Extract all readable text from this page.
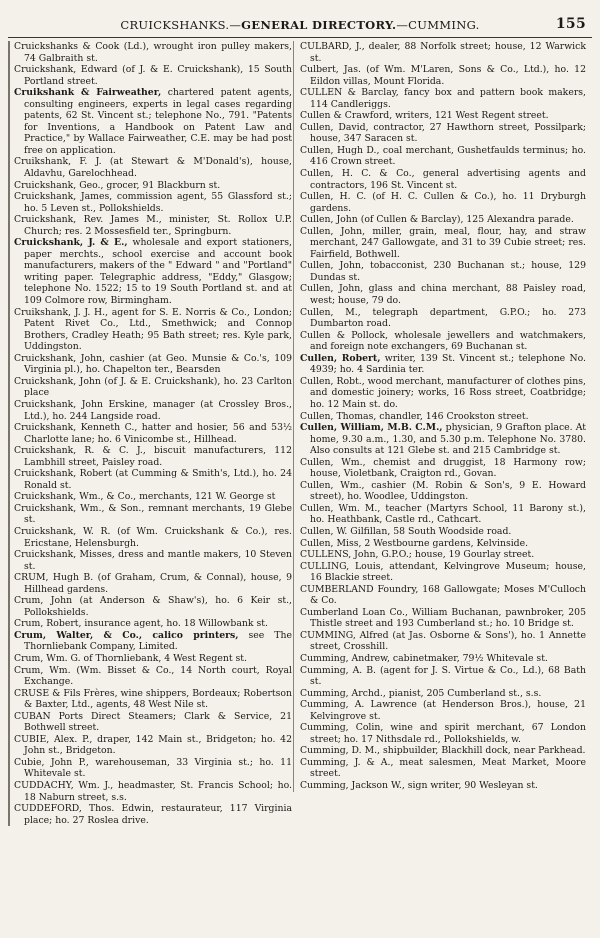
CRUICKSHANKS.—GENERAL DIRECTORY.—CUMMING.	155

Cruickshanks & Cook (Ld.), wrought iron pulley makers, 74 Galbraith st.

Cruickshank, Edward (of J. & E. Cruickshank), 15 South Portland street.

Cruikshank & Fairweather, chartered patent agents, consulting engineers, experts in legal cases regarding patents, 62 St. Vincent st.; telephone No., 791. "Patents for Inventions, a Handbook on Patent Law and Practice," by Wallace Fairweather, C.E. may be had post free on application.

Cruikshank, F. J. (at Stewart & M'Donald's), house, Aldavhu, Garelochhead.

Cruickshank, Geo., grocer, 91 Blackburn st.

Cruickshank, James, commission agent, 55 Glassford st.; ho. 5 Leven st., Pollokshields.

Cruickshank, Rev. James M., minister, St. Rollox U.P. Church; res. 2 Mossesfield ter., Springburn.

Cruickshank, J. & E., wholesale and export stationers, paper merchts., school exercise and account book manufacturers, makers of the " Edward " and "Portland" writing paper. Telegraphic address, "Eddy," Glasgow; telephone No. 1522; 15 to 19 South Portland st. and at 109 Colmore row, Birmingham.

Cruikshank, J. J. H., agent for S. E. Norris & Co., London; Patent Rivet Co., Ltd., Smethwick; and Connop Brothers, Cradley Heath; 95 Bath street; res. Kyle park, Uddingston.

Cruickshank, John, cashier (at Geo. Munsie & Co.'s, 109 Virginia pl.), ho. Chapelton ter., Bearsden

Cruickshank, John (of J. & E. Cruickshank), ho. 23 Carlton place

Cruickshank, John Erskine, manager (at Crossley Bros., Ltd.), ho. 244 Langside road.

Cruickshank, Kenneth C., hatter and hosier, 56 and 53½ Charlotte lane; ho. 6 Vinicombe st., Hillhead.

Cruickshank, R. & C. J., biscuit manufacturers, 112 Lambhill street, Paisley road.

Cruickshank, Robert (at Cumming & Smith's, Ltd.), ho. 24 Ronald st.

Cruickshank, Wm., & Co., merchants, 121 W. George st

Cruickshank, Wm., & Son., remnant merchants, 19 Glebe st.

Cruickshank, W. R. (of Wm. Cruickshank & Co.), res. Ericstane, Helensburgh.

Cruickshank, Misses, dress and mantle makers, 10 Steven st.

CRUM, Hugh B. (of Graham, Crum, & Connal), house, 9 Hillhead gardens.

Crum, John (at Anderson & Shaw's), ho. 6 Keir st., Pollokshields.

Crum, Robert, insurance agent, ho. 18 Willowbank st.

Crum, Walter, & Co., calico printers, see The Thornliebank Company, Limited.

Crum, Wm. G. of Thornliebank, 4 West Regent st.

Crum, Wm. (Wm. Bisset & Co., 14 North court, Royal Exchange.

CRUSE & Fils Frères, wine shippers, Bordeaux; Robertson & Baxter, Ltd., agents, 48 West Nile st.

CUBAN Ports Direct Steamers; Clark & Service, 21 Bothwell street.

CUBIE, Alex. P., draper, 142 Main st., Bridgeton; ho. 42 John st., Bridgeton.

Cubie, John P., warehouseman, 33 Virginia st.; ho. 11 Whitevale st.

CUDDACHY, Wm. J., headmaster, St. Francis School; ho. 18 Naburn street, s.s.

CUDDEFORD, Thos. Edwin, restaurateur, 117 Virginia place; ho. 27 Roslea drive.

CULBARD, J., dealer, 88 Norfolk street; house, 12 Warwick st.

Culbert, Jas. (of Wm. M'Laren, Sons & Co., Ltd.), ho. 12 Eildon villas, Mount Florida.

CULLEN & Barclay, fancy box and pattern book makers, 114 Candleriggs.

Cullen & Crawford, writers, 121 West Regent street.

Cullen, David, contractor, 27 Hawthorn street, Possilpark; house, 347 Saracen st.

Cullen, Hugh D., coal merchant, Gushetfaulds terminus; ho. 416 Crown street.

Cullen, H. C. & Co., general advertising agents and contractors, 196 St. Vincent st.

Cullen, H. C. (of H. C. Cullen & Co.), ho. 11 Dryburgh gardens.

Cullen, John (of Cullen & Barclay), 125 Alexandra parade.

Cullen, John, miller, grain, meal, flour, hay, and straw merchant, 247 Gallowgate, and 31 to 39 Cubie street; res. Fairfield, Bothwell.

Cullen, John, tobacconist, 230 Buchanan st.; house, 129 Dundas st.

Cullen, John, glass and china merchant, 88 Paisley road, west; house, 79 do.

Cullen, M., telegraph department, G.P.O.; ho. 273 Dumbarton road.

Cullen & Pollock, wholesale jewellers and watchmakers, and foreign note exchangers, 69 Buchanan st.

Cullen, Robert, writer, 139 St. Vincent st.; telephone No. 4939; ho. 4 Sardinia ter.

Cullen, Robt., wood merchant, manufacturer of clothes pins, and domestic joinery; works, 16 Ross street, Coatbridge; ho. 12 Main st. do.

Cullen, Thomas, chandler, 146 Crookston street.

Cullen, William, M.B. C.M., physician, 9 Grafton place. At home, 9.30 a.m., 1.30, and 5.30 p.m. Telephone No. 3780. Also consults at 121 Glebe st. and 215 Cambridge st.

Cullen, Wm., chemist and druggist, 18 Harmony row; house, Violetbank, Craigton rd., Govan.

Cullen, Wm., cashier (M. Robin & Son's, 9 E. Howard street), ho. Woodlee, Uddingston.

Cullen, Wm. M., teacher (Martyrs School, 11 Barony st.), ho. Heathbank, Castle rd., Cathcart.

Cullen, W. Gilfillan, 58 South Woodside road.

Cullen, Miss, 2 Westbourne gardens, Kelvinside.

CULLENS, John, G.P.O.; house, 19 Gourlay street.

CULLING, Louis, attendant, Kelvingrove Museum; house, 16 Blackie street.

CUMBERLAND Foundry, 168 Gallowgate; Moses M'Culloch & Co.

Cumberland Loan Co., William Buchanan, pawnbroker, 205 Thistle street and 193 Cumberland st.; ho. 10 Bridge st.

CUMMING, Alfred (at Jas. Osborne & Sons'), ho. 1 Annette street, Crosshill.

Cumming, Andrew, cabinetmaker, 79½ Whitevale st.

Cumming, A. B. (agent for J. S. Virtue & Co., Ld.), 68 Bath st.

Cumming, Archd., pianist, 205 Cumberland st., s.s.

Cumming, A. Lawrence (at Henderson Bros.), house, 21 Kelvingrove st.

Cumming, Colin, wine and spirit merchant, 67 London street; ho. 17 Nithsdale rd., Pollokshields, w.

Cumming, D. M., shipbuilder, Blackhill dock, near Parkhead.

Cumming, J. & A., meat salesmen, Meat Market, Moore street.

Cumming, Jackson W., sign writer, 90 Wesleyan st.
